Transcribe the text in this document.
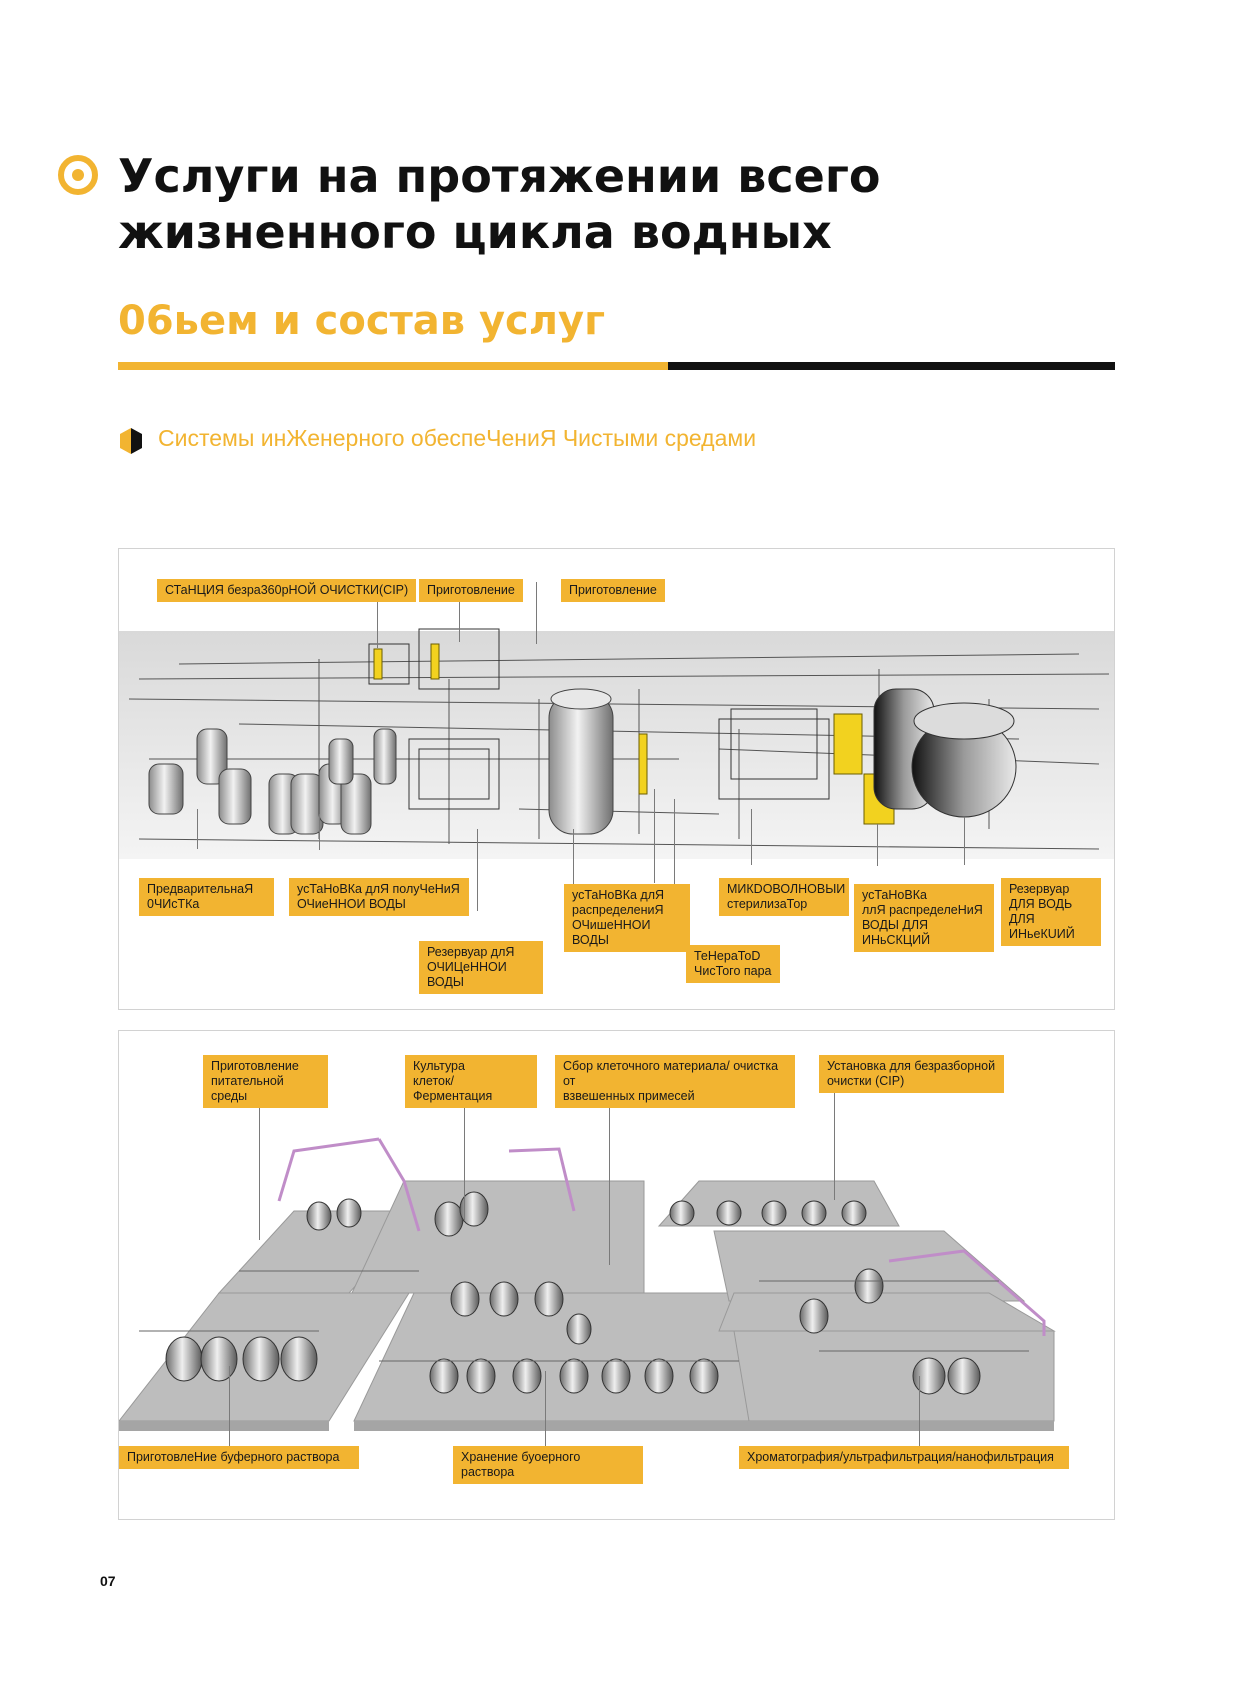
Услуги на протяжении всего жизненного цикла водных
06ьем и состав услуг
Системы инЖенерного обеспеЧениЯ Чистыми средами
СТаНЦИЯ безра360рНОЙ ОЧИСТКИ(CIP)	Приготовление	Приготовление
ПредварительнаЯ
0ЧИсТКа
усТаНоВКа длЯ полуЧеНиЯ
ОЧиеННОИ ВОДЫ
Резервуар длЯ
ОЧИЦеННОИ ВОДЫ
усТаНоВКа длЯ
распределениЯ
ОЧишеННОИ ВОДЫ
ТеНераТоD
ЧисТого пара
МИКDОВОЛНОВЫИ
стерилизаТор
усТаНоВКа
ллЯ распределеНиЯ
ВОДЫ ДЛЯ ИНьСКЦИЙ
Резервуар
ДЛЯ ВОДЬ
ДЛЯ ИНьеКUИЙ
Приготовление
питательной среды
Культура
клеток/Ферментация
Сбор клеточного материала/ очистка от
взвешенных примесей
Установка для безразборной
очистки (CIP)
ПриготовлеНие буферного раствора	Хранение буоерного раствора
Хроматография/ультрафильтрация/нанофильтрация
07
